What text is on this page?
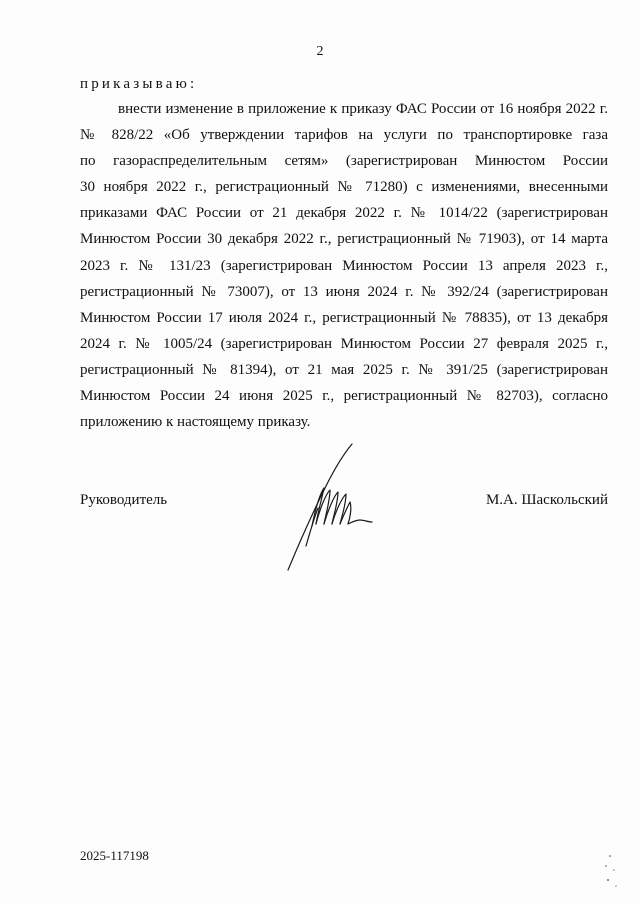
2
приказываю:
внести изменение в приложение к приказу ФАС России от 16 ноября 2022 г.
№ 828/22 «Об утверждении тарифов на услуги по транспортировке газа
по газораспределительным сетям» (зарегистрирован Минюстом России
30 ноября 2022 г., регистрационный № 71280) с изменениями, внесенными
приказами ФАС России от 21 декабря 2022 г. № 1014/22 (зарегистрирован
Минюстом России 30 декабря 2022 г., регистрационный № 71903), от 14 марта
2023 г. № 131/23 (зарегистрирован Минюстом России 13 апреля 2023 г.,
регистрационный № 73007), от 13 июня 2024 г. № 392/24 (зарегистрирован
Минюстом России 17 июля 2024 г., регистрационный № 78835), от 13 декабря
2024 г. № 1005/24 (зарегистрирован Минюстом России 27 февраля 2025 г.,
регистрационный № 81394), от 21 мая 2025 г. № 391/25 (зарегистрирован
Минюстом России 24 июня 2025 г., регистрационный № 82703), согласно
приложению к настоящему приказу.
Руководитель	М.А. Шаскольский
2025-117198
